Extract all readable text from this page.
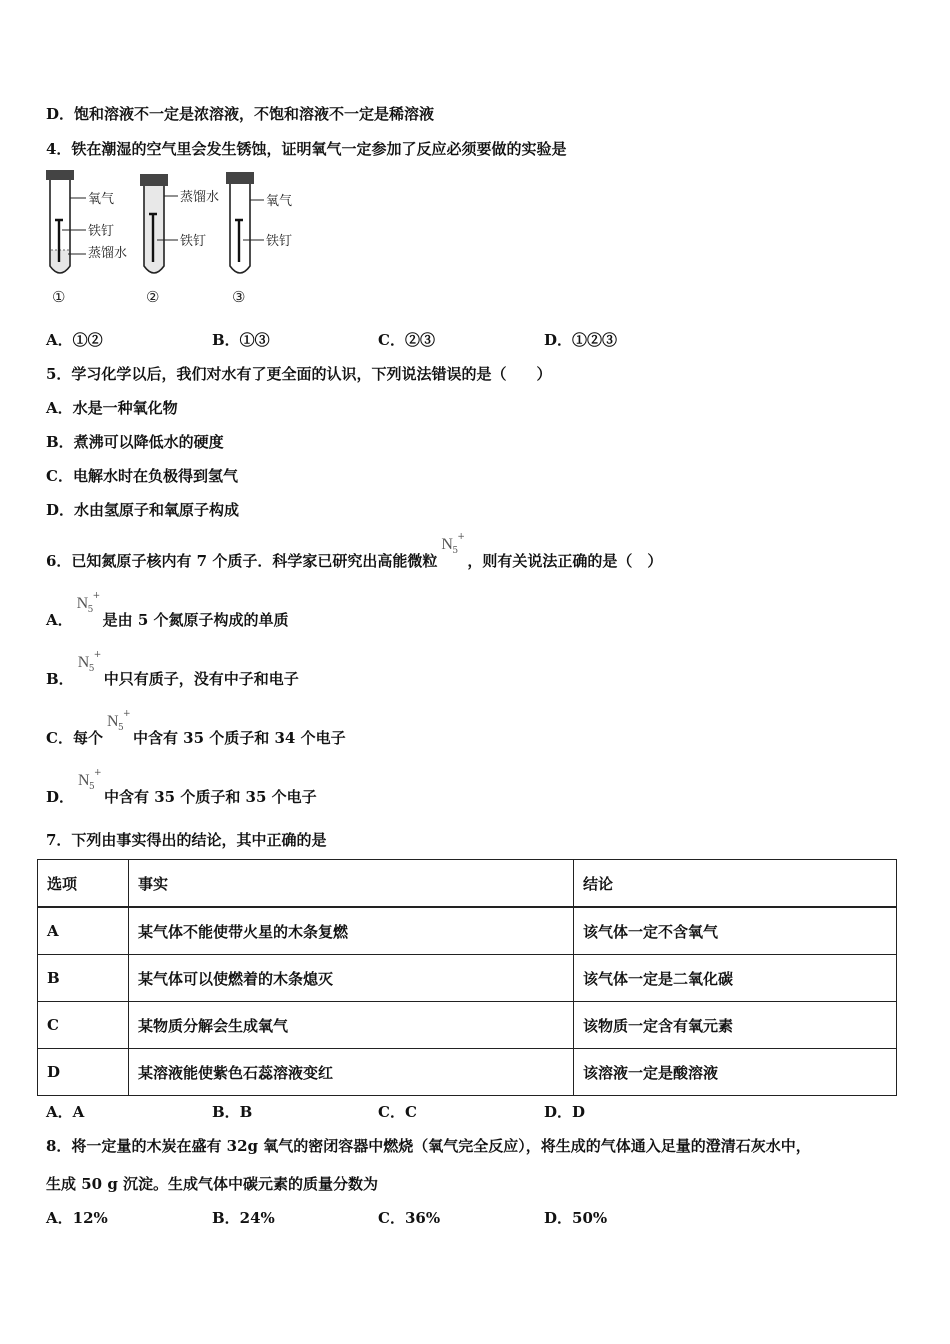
D．饱和溶液不一定是浓溶液，不饱和溶液不一定是稀溶液
4．铁在潮湿的空气里会发生锈蚀，证明氧气一定参加了反应必须要做的实验是
氧气
铁钉
蒸馏水
①
蒸馏水
铁钉
②
氧气
铁钉
③
A．①②	B．①③	C．②③	D．①②③
5．学习化学以后，我们对水有了更全面的认识，下列说法错误的是（　　）
A．水是一种氧化物
B．煮沸可以降低水的硬度
C．电解水时在负极得到氢气
D．水由氢原子和氧原子构成
6．已知氮原子核内有 7 个质子．科学家已研究出高能微粒
N 5
+
，则有关说法正确的是（　）
A．
N 5
+
是由 5 个氮原子构成的单质
B．
N 5
+
中只有质子，没有中子和电子
C．每个
N 5
+
中含有 35 个质子和 34 个电子
D．
N 5
+
中含有 35 个质子和 35 个电子
7．下列由事实得出的结论，其中正确的是
选项	事实	结论
A	某气体不能使带火星的木条复燃	该气体一定不含氧气
B	某气体可以使燃着的木条熄灭	该气体一定是二氧化碳
C	某物质分解会生成氧气	该物质一定含有氧元素
D	某溶液能使紫色石蕊溶液变红	该溶液一定是酸溶液
A．A	B．B	C．C	D．D
8．将一定量的木炭在盛有 32g 氧气的密闭容器中燃烧（氧气完全反应），将生成的气体通入足量的澄清石灰水中，
生成 50 g 沉淀。生成气体中碳元素的质量分数为
A．12%	B．24%	C．36%	D．50%
